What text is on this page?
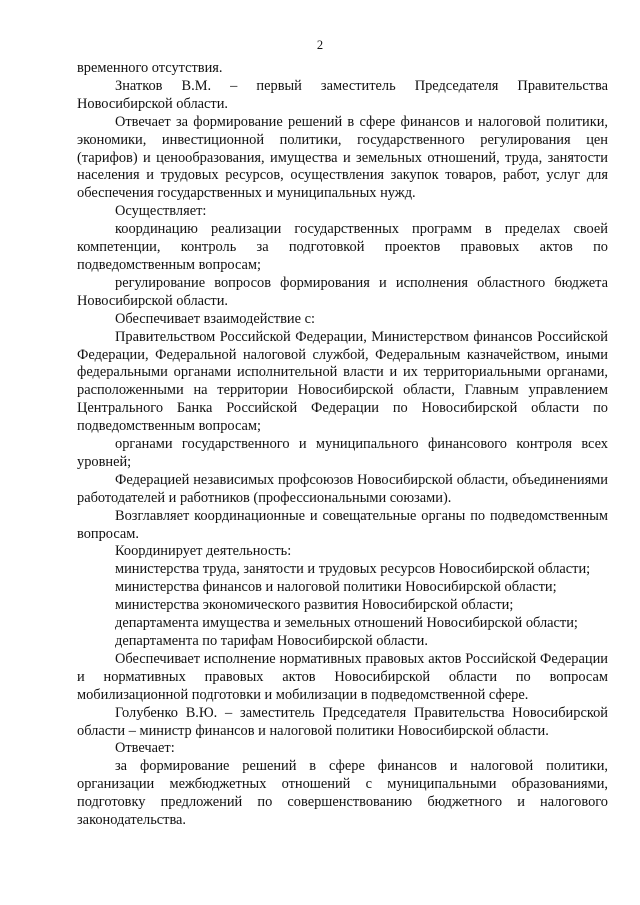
2

временного отсутствия.

Знатков В.М. – первый заместитель Председателя Правительства Новосибирской области.

Отвечает за формирование решений в сфере финансов и налоговой политики, экономики, инвестиционной политики, государственного регулирования цен (тарифов) и ценообразования, имущества и земельных отношений, труда, занятости населения и трудовых ресурсов, осуществления закупок товаров, работ, услуг для обеспечения государственных и муниципальных нужд.

Осуществляет:

координацию реализации государственных программ в пределах своей компетенции, контроль за подготовкой проектов правовых актов по подведомственным вопросам;

регулирование вопросов формирования и исполнения областного бюджета Новосибирской области.

Обеспечивает взаимодействие с:

Правительством Российской Федерации, Министерством финансов Российской Федерации, Федеральной налоговой службой, Федеральным казначейством, иными федеральными органами исполнительной власти и их территориальными органами, расположенными на территории Новосибирской области, Главным управлением Центрального Банка Российской Федерации по Новосибирской области по подведомственным вопросам;

органами государственного и муниципального финансового контроля всех уровней;

Федерацией независимых профсоюзов Новосибирской области, объединениями работодателей и работников (профессиональными союзами).

Возглавляет координационные и совещательные органы по подведомственным вопросам.

Координирует деятельность:

министерства труда, занятости и трудовых ресурсов Новосибирской области;

министерства финансов и налоговой политики Новосибирской области;

министерства экономического развития Новосибирской области;

департамента имущества и земельных отношений Новосибирской области;

департамента по тарифам Новосибирской области.

Обеспечивает исполнение нормативных правовых актов Российской Федерации и нормативных правовых актов Новосибирской области по вопросам мобилизационной подготовки и мобилизации в подведомственной сфере.

Голубенко В.Ю. – заместитель Председателя Правительства Новосибирской области – министр финансов и налоговой политики Новосибирской области.

Отвечает:

за формирование решений в сфере финансов и налоговой политики, организации межбюджетных отношений с муниципальными образованиями, подготовку предложений по совершенствованию бюджетного и налогового законодательства.
